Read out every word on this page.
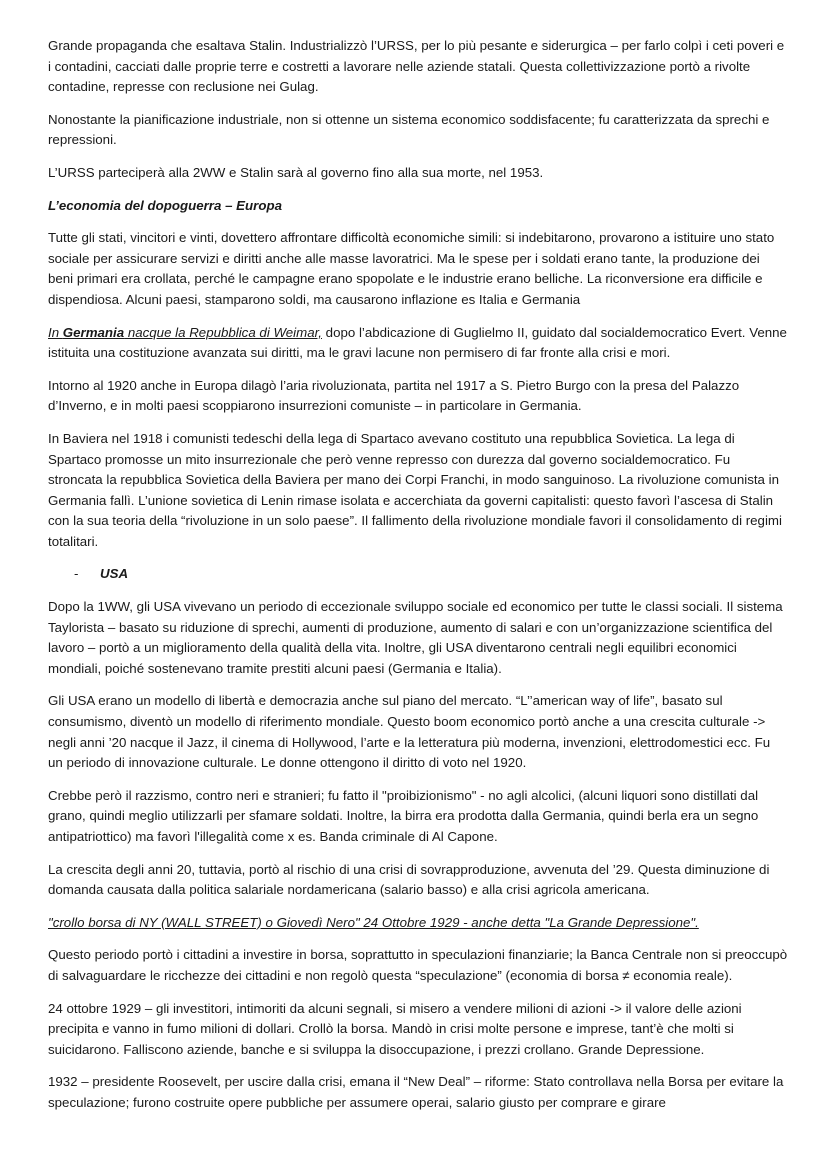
Grande propaganda che esaltava Stalin. Industrializzò l’URSS, per lo più pesante e siderurgica – per farlo colpì i ceti poveri e i contadini, cacciati dalle proprie terre e costretti a lavorare nelle aziende statali. Questa collettivizzazione portò a rivolte contadine, represse con reclusione nei Gulag.

Nonostante la pianificazione industriale, non si ottenne un sistema economico soddisfacente; fu caratterizzata da sprechi e repressioni.

L’URSS parteciperà alla 2WW e Stalin sarà al governo fino alla sua morte, nel 1953.

L’economia del dopoguerra – Europa

Tutte gli stati, vincitori e vinti, dovettero affrontare difficoltà economiche simili: si indebitarono, provarono a istituire uno stato sociale per assicurare servizi e diritti anche alle masse lavoratrici. Ma le spese per i soldati erano tante, la produzione dei beni primari era crollata, perché le campagne erano spopolate e le industrie erano belliche. La riconversione era difficile e dispendiosa. Alcuni paesi, stamparono soldi, ma causarono inflazione es Italia e Germania

In Germania nacque la Repubblica di Weimar, dopo l’abdicazione di Guglielmo II, guidato dal socialdemocratico Evert. Venne istituita una costituzione avanzata sui diritti, ma le gravi lacune non permisero di far fronte alla crisi e mori.

Intorno al 1920 anche in Europa dilagò l’aria rivoluzionata, partita nel 1917 a S. Pietro Burgo con la presa del Palazzo d’Inverno, e in molti paesi scoppiarono insurrezioni comuniste – in particolare in Germania.

In Baviera nel 1918 i comunisti tedeschi della lega di Spartaco avevano costituto una repubblica Sovietica. La lega di Spartaco promosse un mito insurrezionale che però venne represso con durezza dal governo socialdemocratico. Fu stroncata la repubblica Sovietica della Baviera per mano dei Corpi Franchi, in modo sanguinoso. La rivoluzione comunista in Germania fallì. L’unione sovietica di Lenin rimase isolata e accerchiata da governi capitalisti: questo favorì l’ascesa di Stalin con la sua teoria della “rivoluzione in un solo paese”. Il fallimento della rivoluzione mondiale favori il consolidamento di regimi totalitari.

-	USA

Dopo la 1WW, gli USA vivevano un periodo di eccezionale sviluppo sociale ed economico per tutte le classi sociali. Il sistema Taylorista – basato su riduzione di sprechi, aumenti di produzione, aumento di salari e con un’organizzazione scientifica del lavoro – portò a un miglioramento della qualità della vita. Inoltre, gli USA diventarono centrali negli equilibri economici mondiali, poiché sostenevano tramite prestiti alcuni paesi (Germania e Italia).

Gli USA erano un modello di libertà e democrazia anche sul piano del mercato. “L’’american way of life”, basato sul consumismo, diventò un modello di riferimento mondiale. Questo boom economico portò anche a una crescita culturale -> negli anni ’20 nacque il Jazz, il cinema di Hollywood, l’arte e la letteratura più moderna, invenzioni, elettrodomestici ecc. Fu un periodo di innovazione culturale. Le donne ottengono il diritto di voto nel 1920.

Crebbe però il razzismo, contro neri e stranieri; fu fatto il "proibizionismo" - no agli alcolici, (alcuni liquori sono distillati dal grano, quindi meglio utilizzarli per sfamare soldati. Inoltre, la birra era prodotta dalla Germania, quindi berla era un segno antipatriottico) ma favorì l'illegalità come x es. Banda criminale di Al Capone.

La crescita degli anni 20, tuttavia, portò al rischio di una crisi di sovrapproduzione, avvenuta del ’29. Questa diminuzione di domanda causata dalla politica salariale nordamericana (salario basso) e alla crisi agricola americana.

"crollo borsa di NY (WALL STREET) o Giovedì Nero" 24 Ottobre 1929 - anche detta "La Grande Depressione".

Questo periodo portò i cittadini a investire in borsa, soprattutto in speculazioni finanziarie; la Banca Centrale non si preoccupò di salvaguardare le ricchezze dei cittadini e non regolò questa “speculazione” (economia di borsa ≠ economia reale).

24 ottobre 1929 – gli investitori, intimoriti da alcuni segnali, si misero a vendere milioni di azioni -> il valore delle azioni precipita e vanno in fumo milioni di dollari. Crollò la borsa. Mandò in crisi molte persone e imprese, tant’è che molti si suicidarono. Falliscono aziende, banche e si sviluppa la disoccupazione, i prezzi crollano. Grande Depressione.

1932 – presidente Roosevelt, per uscire dalla crisi, emana il “New Deal” – riforme: Stato controllava nella Borsa per evitare la speculazione; furono costruite opere pubbliche per assumere operai, salario giusto per comprare e girare
